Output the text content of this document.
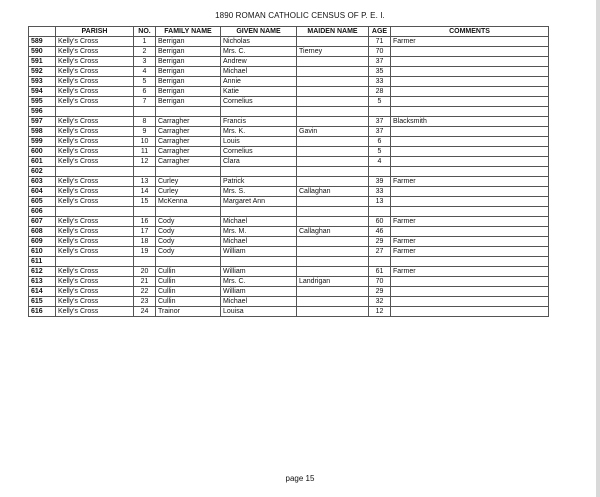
1890 ROMAN CATHOLIC CENSUS OF P. E. I.
	PARISH	NO.	FAMILY NAME	GIVEN NAME	MAIDEN NAME	AGE	COMMENTS
589	Kelly's Cross	1	Berrigan	Nicholas		71	Farmer
590	Kelly's Cross	2	Berrigan	Mrs. C.	Tierney	70	
591	Kelly's Cross	3	Berrigan	Andrew		37	
592	Kelly's Cross	4	Berrigan	Michael		35	
593	Kelly's Cross	5	Berrigan	Annie		33	
594	Kelly's Cross	6	Berrigan	Katie		28	
595	Kelly's Cross	7	Berrigan	Cornelius		5	
596							
597	Kelly's Cross	8	Carragher	Francis		37	Blacksmith
598	Kelly's Cross	9	Carragher	Mrs. K.	Gavin	37	
599	Kelly's Cross	10	Carragher	Louis		6	
600	Kelly's Cross	11	Carragher	Cornelius		5	
601	Kelly's Cross	12	Carragher	Clara		4	
602							
603	Kelly's Cross	13	Curley	Patrick		39	Farmer
604	Kelly's Cross	14	Curley	Mrs. S.	Callaghan	33	
605	Kelly's Cross	15	McKenna	Margaret Ann		13	
606							
607	Kelly's Cross	16	Cody	Michael		60	Farmer
608	Kelly's Cross	17	Cody	Mrs. M.	Callaghan	46	
609	Kelly's Cross	18	Cody	Michael		29	Farmer
610	Kelly's Cross	19	Cody	William		27	Farmer
611							
612	Kelly's Cross	20	Cullin	William		61	Farmer
613	Kelly's Cross	21	Cullin	Mrs. C.	Landrigan	70	
614	Kelly's Cross	22	Cullin	William		29	
615	Kelly's Cross	23	Cullin	Michael		32	
616	Kelly's Cross	24	Trainor	Louisa		12	
page 15
